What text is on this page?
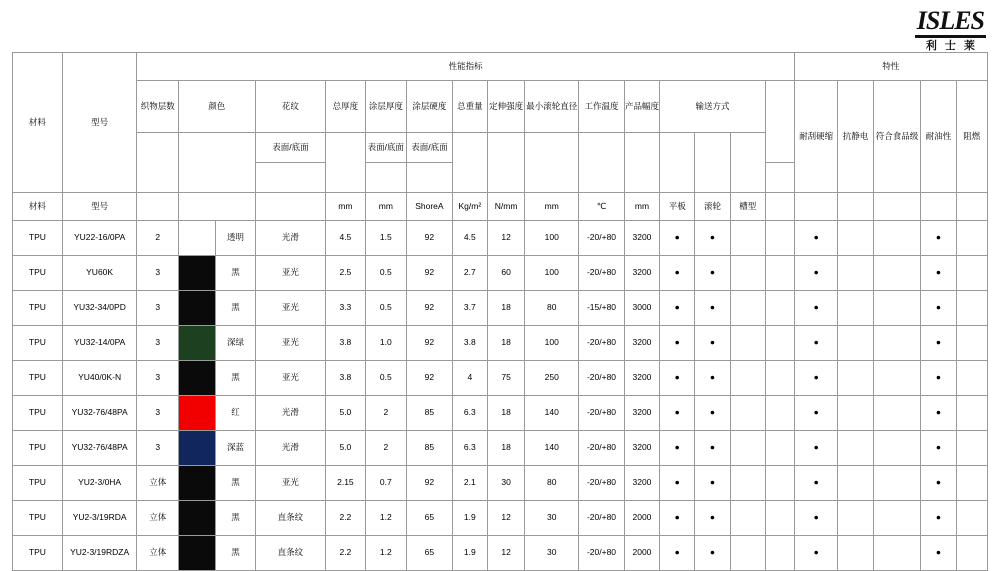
ISLES
利士莱
材料	型号	性能指标																特性				
		织物层数	颜色		花纹	总厚度	涂层厚度	涂层硬度	总重量	定伸强度	最小滚轮直径	工作温度	产品幅度	输送方式				耐刮硬缩	抗静电	符合食品级	耐油性	阻燃
					表面/底面		表面/底面	表面/底面														

材料	型号					mm	mm	ShoreA	Kg/m²	N/mm	mm	℃	mm	平板	滚轮	槽型						
TPU	YU22-16/0PA	2		透明	光滑	4.5	1.5	92	4.5	12	100	-20/+80	3200	●	●			●			●	
TPU	YU60K	3		黑	亚光	2.5	0.5	92	2.7	60	100	-20/+80	3200	●	●			●			●	
TPU	YU32-34/0PD	3		黑	亚光	3.3	0.5	92	3.7	18	80	-15/+80	3000	●	●			●			●	
TPU	YU32-14/0PA	3		深绿	亚光	3.8	1.0	92	3.8	18	100	-20/+80	3200	●	●			●			●	
TPU	YU40/0K-N	3		黑	亚光	3.8	0.5	92	4	75	250	-20/+80	3200	●	●			●			●	
TPU	YU32-76/48PA	3		红	光滑	5.0	2	85	6.3	18	140	-20/+80	3200	●	●			●			●	
TPU	YU32-76/48PA	3		深蓝	光滑	5.0	2	85	6.3	18	140	-20/+80	3200	●	●			●			●	
TPU	YU2-3/0HA	立体		黑	亚光	2.15	0.7	92	2.1	30	80	-20/+80	3200	●	●			●			●	
TPU	YU2-3/19RDA	立体		黑	直条纹	2.2	1.2	65	1.9	12	30	-20/+80	2000	●	●			●			●	
TPU	YU2-3/19RDZA	立体		黑	直条纹	2.2	1.2	65	1.9	12	30	-20/+80	2000	●	●			●			●	
